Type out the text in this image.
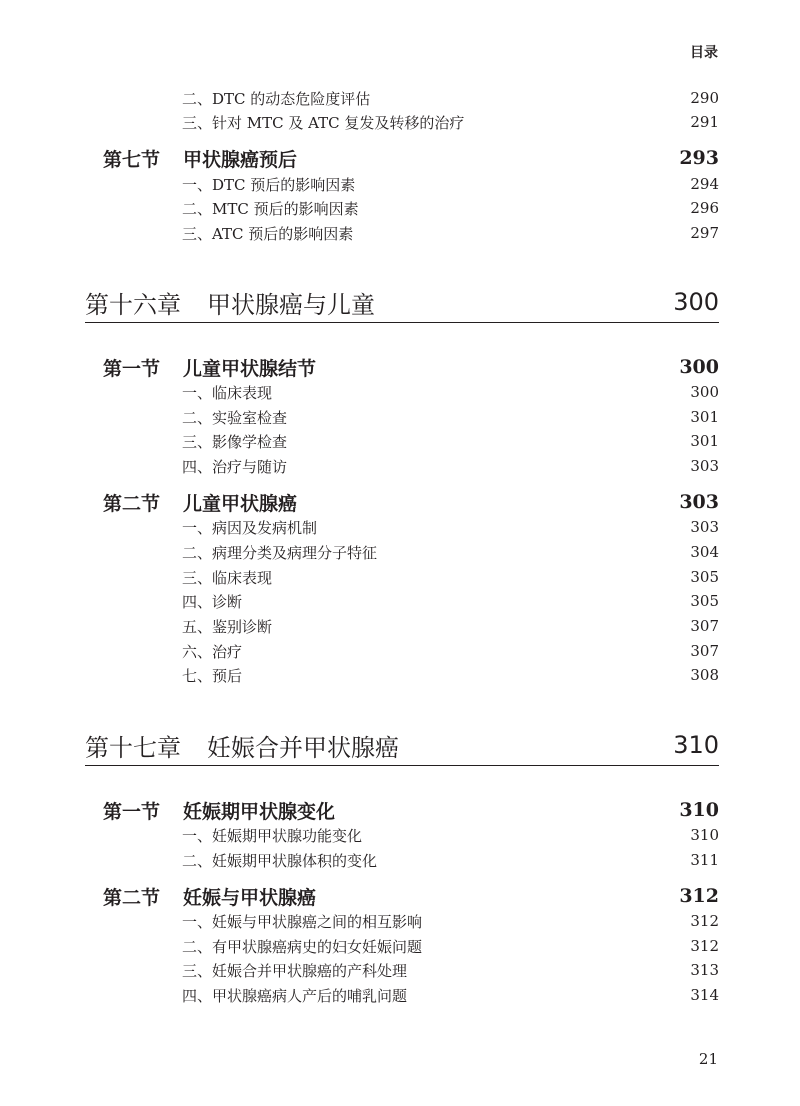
目录
二、DTC 的动态危险度评估	290
三、针对 MTC 及 ATC 复发及转移的治疗	291
第七节	甲状腺癌预后	293
一、DTC 预后的影响因素	294
二、MTC 预后的影响因素	296
三、ATC 预后的影响因素	297
第十六章	甲状腺癌与儿童	300
第一节	儿童甲状腺结节	300
一、临床表现	300
二、实验室检查	301
三、影像学检查	301
四、治疗与随访	303
第二节	儿童甲状腺癌	303
一、病因及发病机制	303
二、病理分类及病理分子特征	304
三、临床表现	305
四、诊断	305
五、鉴别诊断	307
六、治疗	307
七、预后	308
第十七章	妊娠合并甲状腺癌	310
第一节	妊娠期甲状腺变化	310
一、妊娠期甲状腺功能变化	310
二、妊娠期甲状腺体积的变化	311
第二节	妊娠与甲状腺癌	312
一、妊娠与甲状腺癌之间的相互影响	312
二、有甲状腺癌病史的妇女妊娠问题	312
三、妊娠合并甲状腺癌的产科处理	313
四、甲状腺癌病人产后的哺乳问题	314
21
